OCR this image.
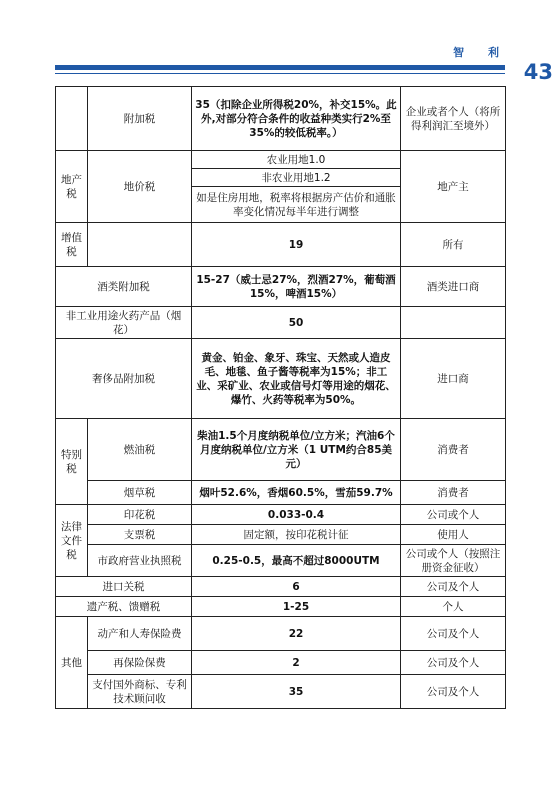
智 利
43
	附加税	35（扣除企业所得税20%，补交15%。此外,对部分符合条件的收益种类实行2%至35%的较低税率。）	企业或者个人（将所得利润汇至境外）
地产税	地价税	农业用地1.0	地产主
		非农业用地1.2	
		如是住房用地，税率将根据房产估价和通胀率变化情况每半年进行调整	
增值税		19	所有
酒类附加税		15-27（威士忌27%，烈酒27%，葡萄酒15%，啤酒15%）	酒类进口商
非工业用途火药产品（烟花）		50	
奢侈品附加税		黄金、铂金、象牙、珠宝、天然或人造皮毛、地毯、鱼子酱等税率为15%；非工业、采矿业、农业或信号灯等用途的烟花、爆竹、火药等税率为50%。	进口商
特别税	燃油税	柴油1.5个月度纳税单位/立方米；汽油6个月度纳税单位/立方米（1 UTM约合85美元）	消费者
	烟草税	烟叶52.6%，香烟60.5%，雪茄59.7%	消费者
法律文件税	印花税	0.033-0.4	公司或个人
	支票税	固定额，按印花税计征	使用人
	市政府营业执照税	0.25-0.5，最高不超过8000UTM	公司或个人（按照注册资金征收）
进口关税		6	公司及个人
遗产税、馈赠税		1-25	个人
其他	动产和人寿保险费	22	公司及个人
	再保险保费	2	公司及个人
	支付国外商标、专利技术顾问收	35	公司及个人
